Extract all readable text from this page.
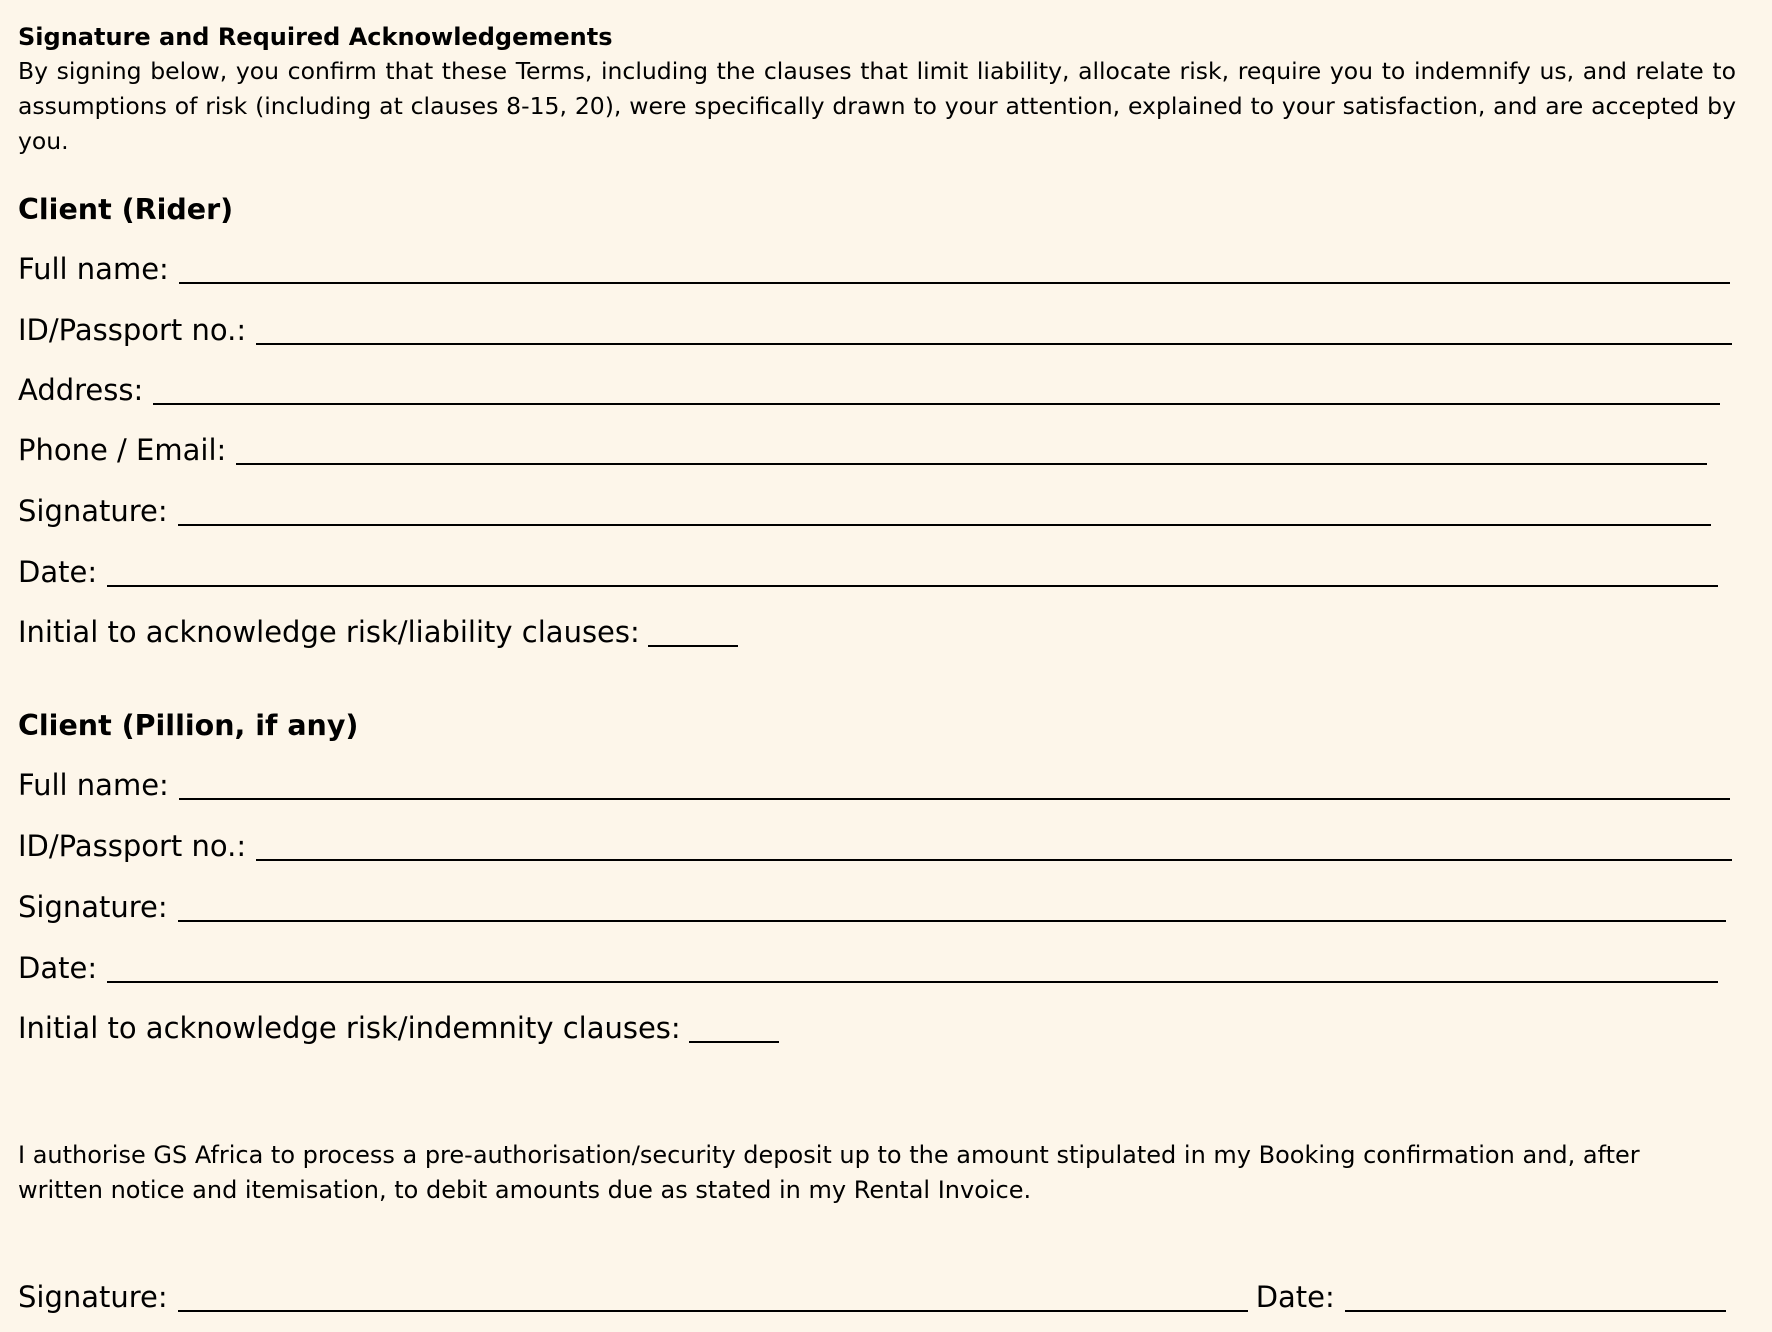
Signature and Required Acknowledgements

By signing below, you confirm that these Terms, including the clauses that limit liability, allocate risk, require you to indemnify us, and relate to assumptions of risk (including at clauses 8-15, 20), were specifically drawn to your attention, explained to your satisfaction, and are accepted by you.

Client (Rider)
Full name:
ID/Passport no.:
Address:
Phone / Email:
Signature:
Date:
Initial to acknowledge risk/liability clauses:
Client (Pillion, if any)
Full name:
ID/Passport no.:
Signature:
Date:
Initial to acknowledge risk/indemnity clauses:

I authorise GS Africa to process a pre-authorisation/security deposit up to the amount stipulated in my Booking confirmation and, after written notice and itemisation, to debit amounts due as stated in my Rental Invoice.

Signature:	Date:
